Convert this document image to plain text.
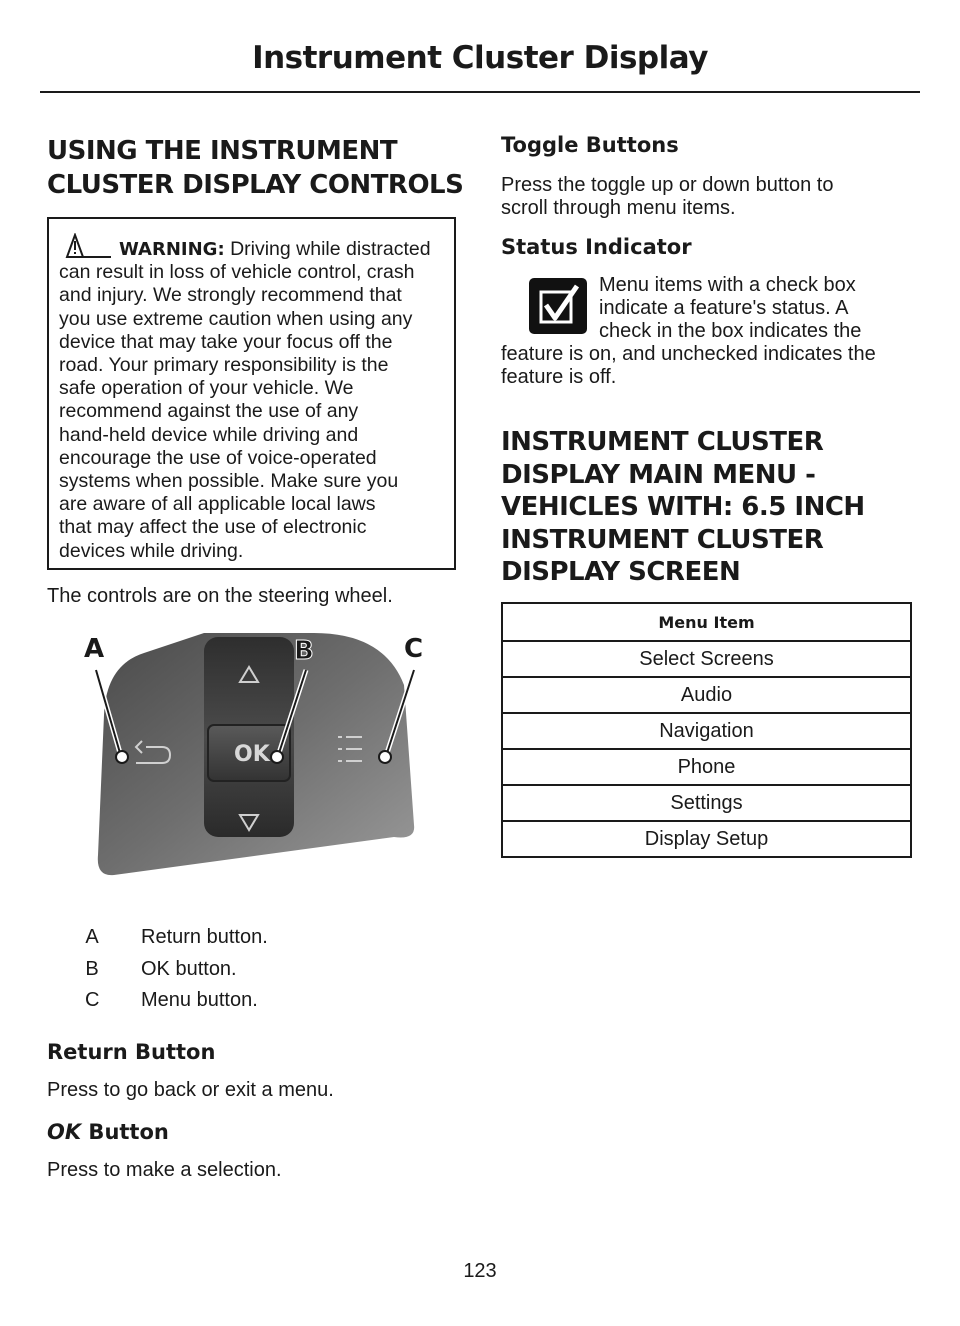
Instrument Cluster Display
USING THE INSTRUMENT
CLUSTER DISPLAY CONTROLS
WARNING: Driving while distracted
can result in loss of vehicle control, crash
and injury. We strongly recommend that
you use extreme caution when using any
device that may take your focus off the
road. Your primary responsibility is the
safe operation of your vehicle. We
recommend against the use of any
hand-held device while driving and
encourage the use of voice-operated
systems when possible. Make sure you
are aware of all applicable local laws
that may affect the use of electronic
devices while driving.
The controls are on the steering wheel.
OK
A	B	C
A Return button.
B OK button.
C Menu button.
Return Button
Press to go back or exit a menu.
OK Button
Press to make a selection.
Toggle Buttons
Press the toggle up or down button to
scroll through menu items.
Status Indicator
Menu items with a check box
indicate a feature's status. A
check in the box indicates the
feature is on, and unchecked indicates the
feature is off.
INSTRUMENT CLUSTER
DISPLAY MAIN MENU -
VEHICLES WITH: 6.5 INCH
INSTRUMENT CLUSTER
DISPLAY SCREEN
Menu Item
Select Screens
Audio
Navigation
Phone
Settings
Display Setup
123
